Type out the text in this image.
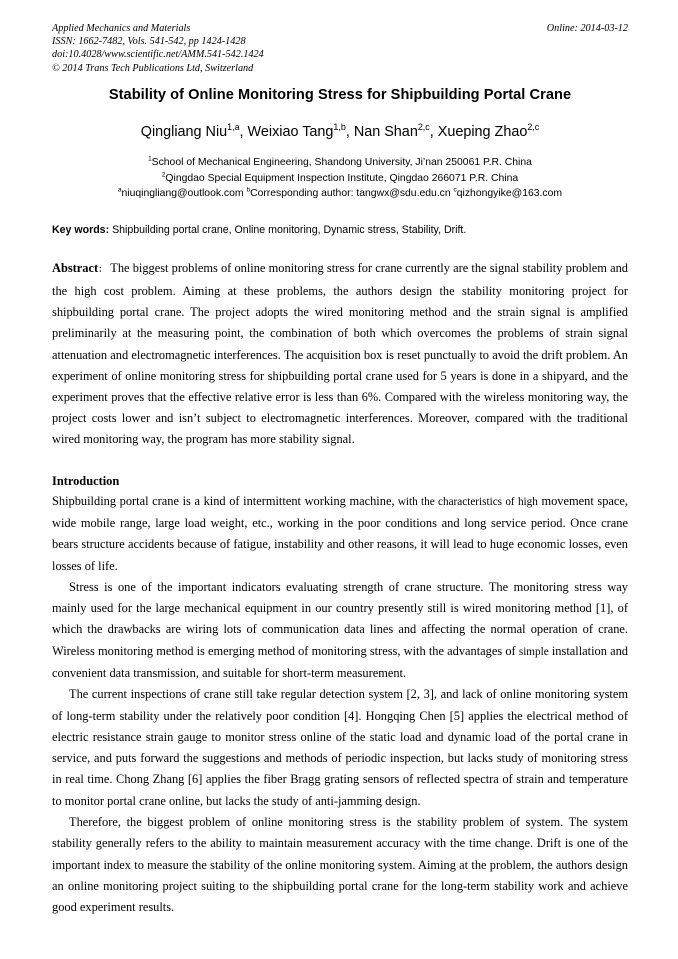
Applied Mechanics and Materials
ISSN: 1662-7482, Vols. 541-542, pp 1424-1428
doi:10.4028/www.scientific.net/AMM.541-542.1424
© 2014 Trans Tech Publications Ltd, Switzerland
Online: 2014-03-12
Stability of Online Monitoring Stress for Shipbuilding Portal Crane
Qingliang Niu$^{1,a}$, Weixiao Tang$^{1,b}$, Nan Shan$^{2,c}$, Xueping Zhao$^{2,c}$
$^1$School of Mechanical Engineering, Shandong University, Ji’nan 250061 P.R. China
$^2$Qingdao Special Equipment Inspection Institute, Qingdao 266071 P.R. China
$^a$niuqingliang@outlook.com $^b$Corresponding author: tangwx@sdu.edu.cn $^c$qizhongyike@163.com
Key words: Shipbuilding portal crane, Online monitoring, Dynamic stress, Stability, Drift.
Abstract： The biggest problems of online monitoring stress for crane currently are the signal stability problem and the high cost problem. Aiming at these problems, the authors design the stability monitoring project for shipbuilding portal crane. The project adopts the wired monitoring method and the strain signal is amplified preliminarily at the measuring point, the combination of both which overcomes the problems of strain signal attenuation and electromagnetic interferences. The acquisition box is reset punctually to avoid the drift problem. An experiment of online monitoring stress for shipbuilding portal crane used for 5 years is done in a shipyard, and the experiment proves that the effective relative error is less than 6%. Compared with the wireless monitoring way, the project costs lower and isn’t subject to electromagnetic interferences. Moreover, compared with the traditional wired monitoring way, the program has more stability signal.
Introduction

Shipbuilding portal crane is a kind of intermittent working machine, with the characteristics of high movement space, wide mobile range, large load weight, etc., working in the poor conditions and long service period. Once crane bears structure accidents because of fatigue, instability and other reasons, it will lead to huge economic losses, even losses of life.

Stress is one of the important indicators evaluating strength of crane structure. The monitoring stress way mainly used for the large mechanical equipment in our country presently still is wired monitoring method [1], of which the drawbacks are wiring lots of communication data lines and affecting the normal operation of crane. Wireless monitoring method is emerging method of monitoring stress, with the advantages of simple installation and convenient data transmission, and suitable for short-term measurement.

The current inspections of crane still take regular detection system [2, 3], and lack of online monitoring system of long-term stability under the relatively poor condition [4]. Hongqing Chen [5] applies the electrical method of electric resistance strain gauge to monitor stress online of the static load and dynamic load of the portal crane in service, and puts forward the suggestions and methods of periodic inspection, but lacks study of monitoring stress in real time. Chong Zhang [6] applies the fiber Bragg grating sensors of reflected spectra of strain and temperature to monitor portal crane online, but lacks the study of anti-jamming design.

Therefore, the biggest problem of online monitoring stress is the stability problem of system. The system stability generally refers to the ability to maintain measurement accuracy with the time change. Drift is one of the important index to measure the stability of the online monitoring system. Aiming at the problem, the authors design an online monitoring project suiting to the shipbuilding portal crane for the long-term stability work and achieve good experiment results.
